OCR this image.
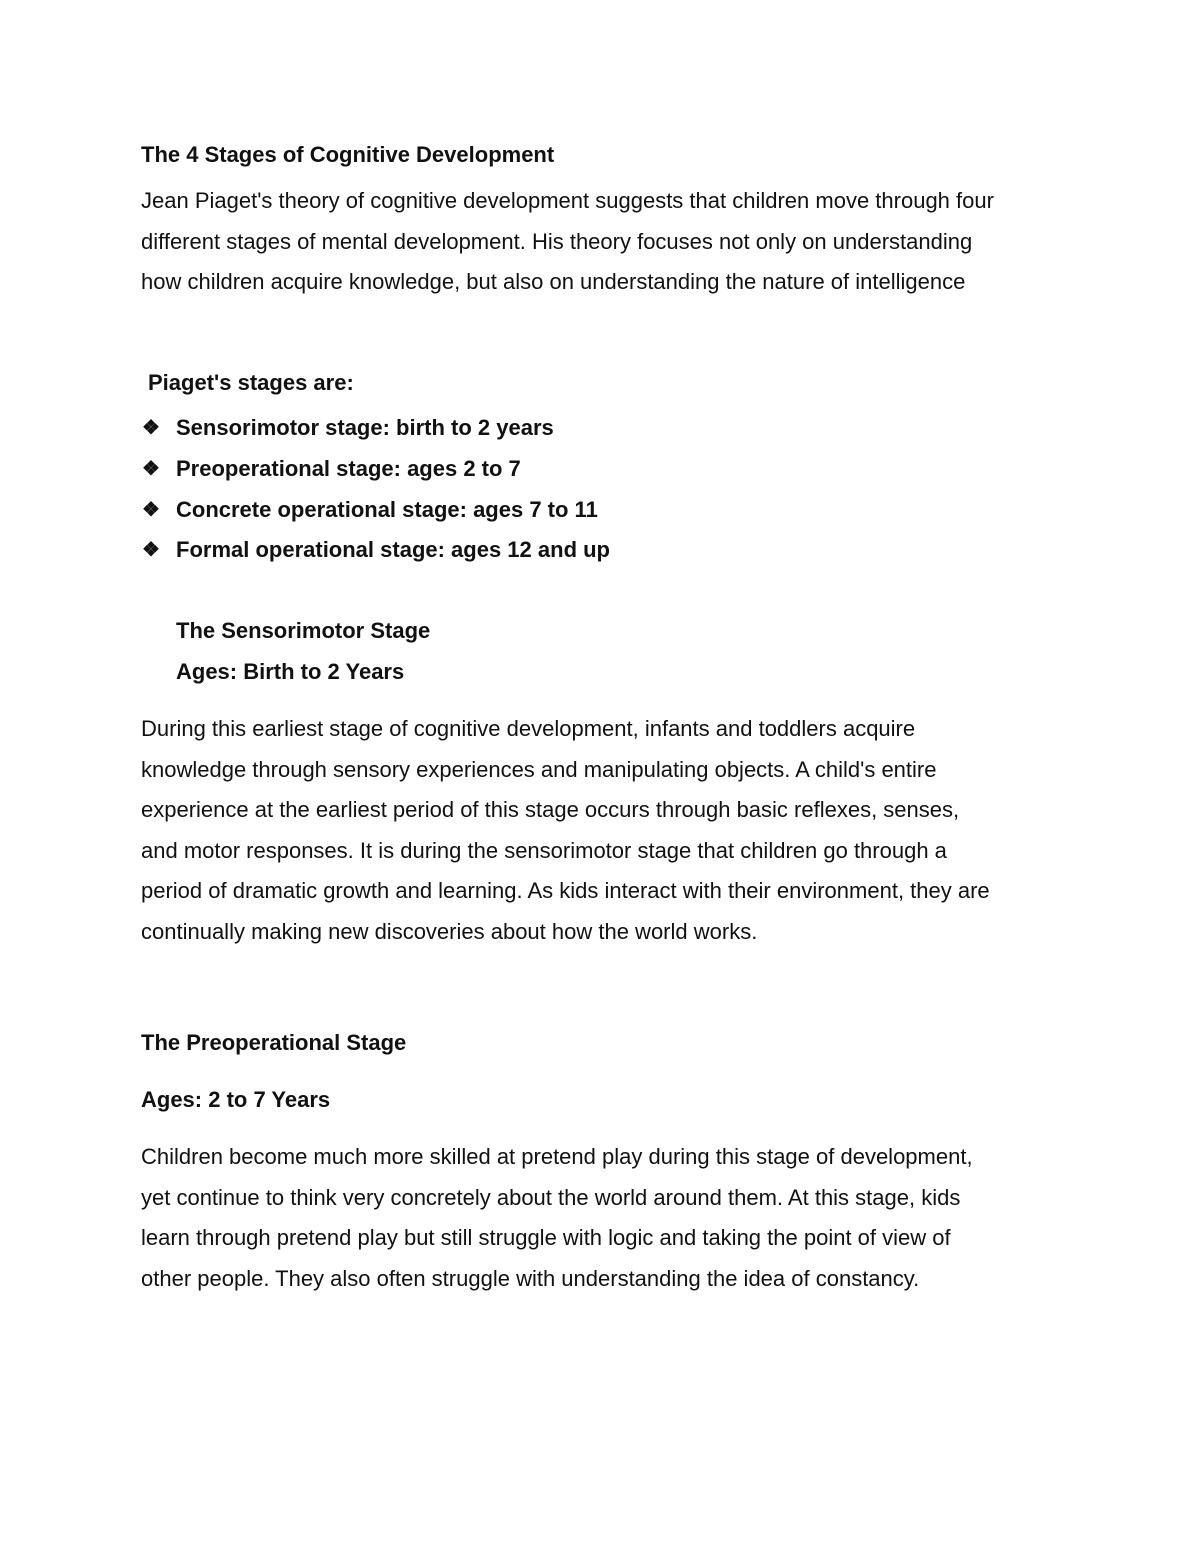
The 4 Stages of Cognitive Development

Jean Piaget's theory of cognitive development suggests that children move through four
different stages of mental development. His theory focuses not only on understanding
how children acquire knowledge, but also on understanding the nature of intelligence

Piaget's stages are:
❖ Sensorimotor stage: birth to 2 years
❖ Preoperational stage: ages 2 to 7
❖ Concrete operational stage: ages 7 to 11
❖ Formal operational stage: ages 12 and up
The Sensorimotor Stage
Ages: Birth to 2 Years

During this earliest stage of cognitive development, infants and toddlers acquire
knowledge through sensory experiences and manipulating objects. A child's entire
experience at the earliest period of this stage occurs through basic reflexes, senses,
and motor responses. It is during the sensorimotor stage that children go through a
period of dramatic growth and learning. As kids interact with their environment, they are
continually making new discoveries about how the world works.

The Preoperational Stage
Ages: 2 to 7 Years

Children become much more skilled at pretend play during this stage of development,
yet continue to think very concretely about the world around them. At this stage, kids
learn through pretend play but still struggle with logic and taking the point of view of
other people. They also often struggle with understanding the idea of constancy.
